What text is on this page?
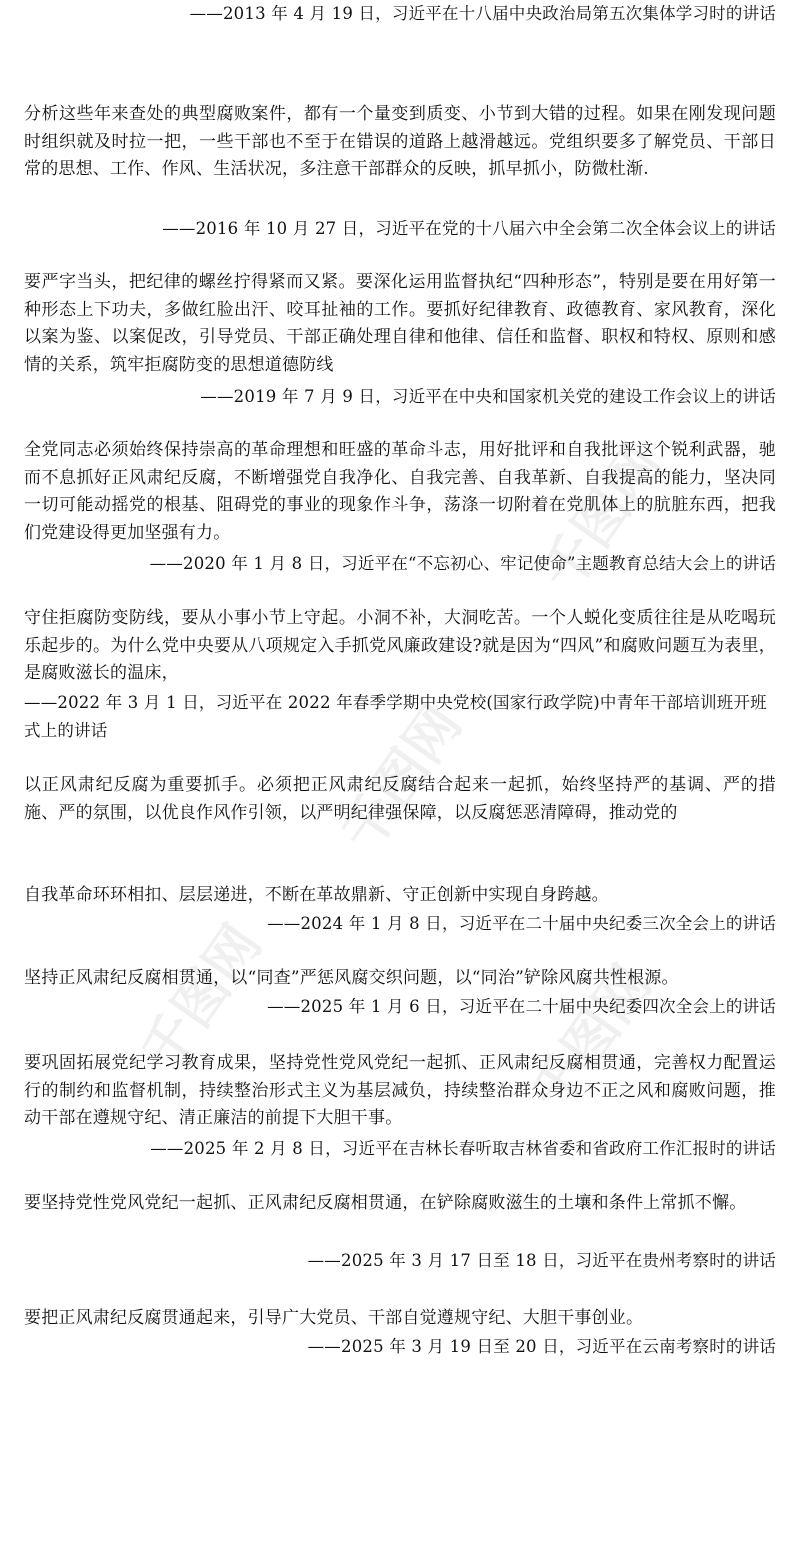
千图网
千图网
千图网	千图网
——2013 年 4 月 19 日，习近平在十八届中央政治局第五次集体学习时的讲话
分析这些年来查处的典型腐败案件，都有一个量变到质变、小节到大错的过程。如果在刚发现问题时组织就及时拉一把，一些干部也不至于在错误的道路上越滑越远。党组织要多了解党员、干部日常的思想、工作、作风、生活状况，多注意干部群众的反映，抓早抓小，防微杜渐.
——2016 年 10 月 27 日，习近平在党的十八届六中全会第二次全体会议上的讲话
要严字当头，把纪律的螺丝拧得紧而又紧。要深化运用监督执纪“四种形态”，特别是要在用好第一种形态上下功夫，多做红脸出汗、咬耳扯袖的工作。要抓好纪律教育、政德教育、家风教育，深化以案为鉴、以案促改，引导党员、干部正确处理自律和他律、信任和监督、职权和特权、原则和感情的关系，筑牢拒腐防变的思想道德防线
——2019 年 7 月 9 日，习近平在中央和国家机关党的建设工作会议上的讲话
全党同志必须始终保持崇高的革命理想和旺盛的革命斗志，用好批评和自我批评这个锐利武器，驰而不息抓好正风肃纪反腐，不断增强党自我净化、自我完善、自我革新、自我提高的能力，坚决同一切可能动摇党的根基、阻碍党的事业的现象作斗争，荡涤一切附着在党肌体上的肮脏东西，把我们党建设得更加坚强有力。
——2020 年 1 月 8 日，习近平在“不忘初心、牢记使命”主题教育总结大会上的讲话
守住拒腐防变防线，要从小事小节上守起。小洞不补，大洞吃苦。一个人蜕化变质往往是从吃喝玩乐起步的。为什么党中央要从八项规定入手抓党风廉政建设?就是因为“四风”和腐败问题互为表里，是腐败滋长的温床，
——2022 年 3 月 1 日，习近平在 2022 年春季学期中央党校(国家行政学院)中青年干部培训班开班式上的讲话
以正风肃纪反腐为重要抓手。必须把正风肃纪反腐结合起来一起抓，始终坚持严的基调、严的措施、严的氛围，以优良作风作引领，以严明纪律强保障，以反腐惩恶清障碍，推动党的
自我革命环环相扣、层层递进，不断在革故鼎新、守正创新中实现自身跨越。
——2024 年 1 月 8 日，习近平在二十届中央纪委三次全会上的讲话
坚持正风肃纪反腐相贯通，以“同查”严惩风腐交织问题，以“同治”铲除风腐共性根源。
——2025 年 1 月 6 日，习近平在二十届中央纪委四次全会上的讲话
要巩固拓展党纪学习教育成果，坚持党性党风党纪一起抓、正风肃纪反腐相贯通，完善权力配置运行的制约和监督机制，持续整治形式主义为基层减负，持续整治群众身边不正之风和腐败问题，推动干部在遵规守纪、清正廉洁的前提下大胆干事。
——2025 年 2 月 8 日，习近平在吉林长春听取吉林省委和省政府工作汇报时的讲话
要坚持党性党风党纪一起抓、正风肃纪反腐相贯通，在铲除腐败滋生的土壤和条件上常抓不懈。
——2025 年 3 月 17 日至 18 日，习近平在贵州考察时的讲话
要把正风肃纪反腐贯通起来，引导广大党员、干部自觉遵规守纪、大胆干事创业。
——2025 年 3 月 19 日至 20 日，习近平在云南考察时的讲话
